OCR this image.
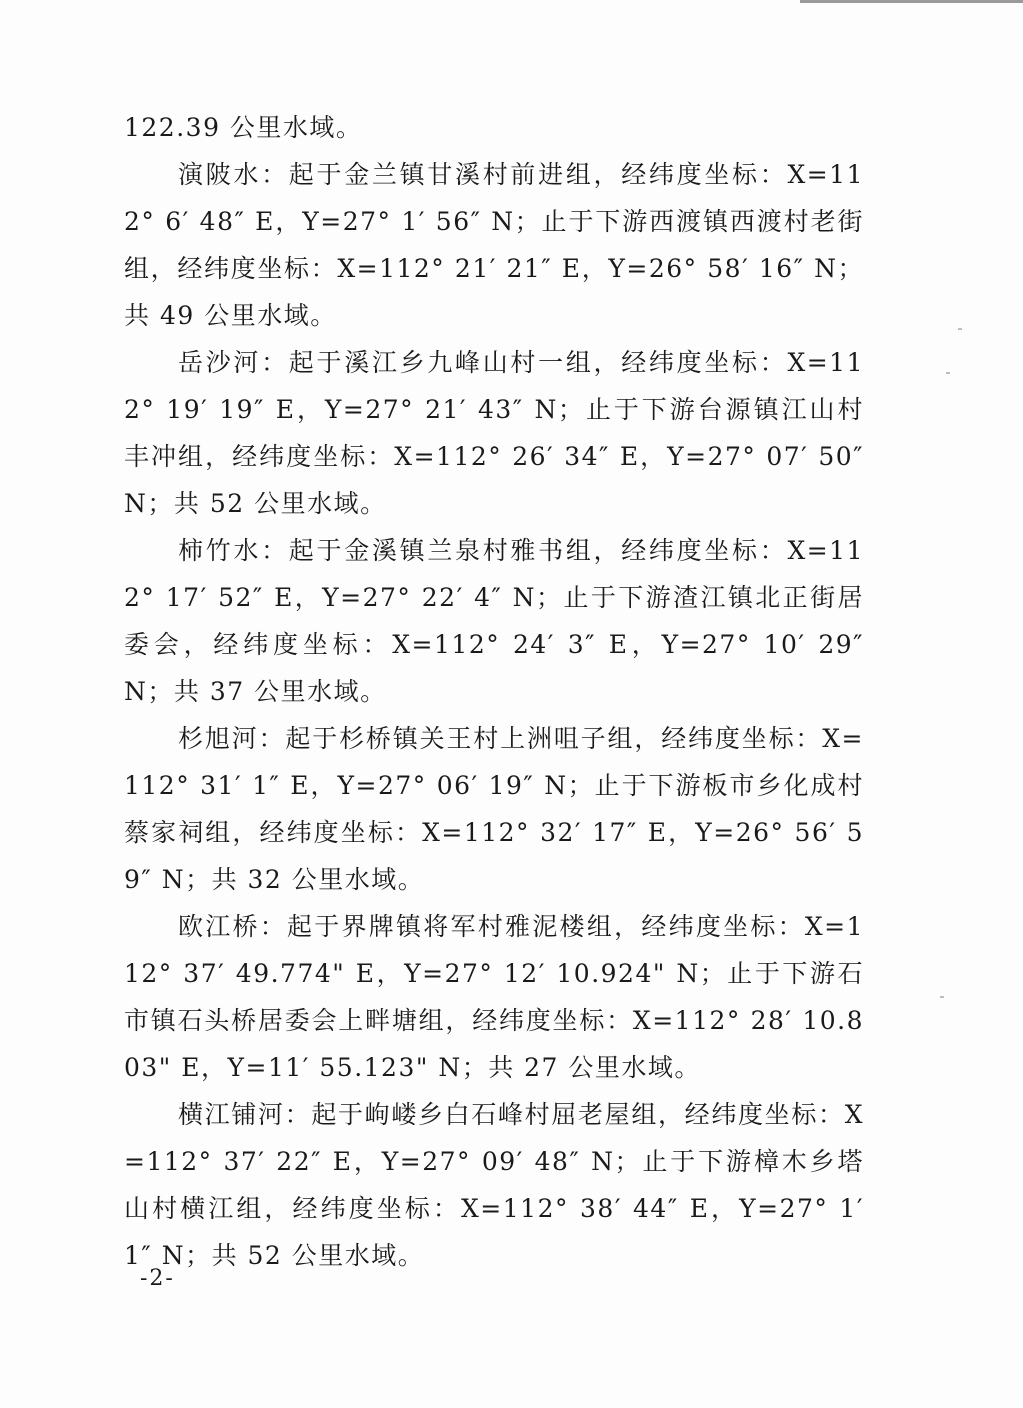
122.39 公里水域。

演陂水：起于金兰镇甘溪村前进组，经纬度坐标：X=112° 6′ 48″ E，Y=27° 1′ 56″ N；止于下游西渡镇西渡村老街组，经纬度坐标：X=112° 21′ 21″ E，Y=26° 58′ 16″ N；共 49 公里水域。

岳沙河：起于溪江乡九峰山村一组，经纬度坐标：X=112° 19′ 19″ E，Y=27° 21′ 43″ N；止于下游台源镇江山村丰冲组，经纬度坐标：X=112° 26′ 34″ E，Y=27° 07′ 50″ N；共 52 公里水域。

柿竹水：起于金溪镇兰泉村雅书组，经纬度坐标：X=112° 17′ 52″ E，Y=27° 22′ 4″ N；止于下游渣江镇北正街居委会，经纬度坐标：X=112° 24′ 3″ E，Y=27° 10′ 29″ N；共 37 公里水域。

杉旭河：起于杉桥镇关王村上洲咀子组，经纬度坐标：X=112° 31′ 1″ E，Y=27° 06′ 19″ N；止于下游板市乡化成村蔡家祠组，经纬度坐标：X=112° 32′ 17″ E，Y=26° 56′ 59″ N；共 32 公里水域。

欧江桥：起于界牌镇将军村雅泥楼组，经纬度坐标：X=112° 37′ 49.774" E，Y=27° 12′ 10.924" N；止于下游石市镇石头桥居委会上畔塘组，经纬度坐标：X=112° 28′ 10.803" E，Y=11′ 55.123" N；共 27 公里水域。

横江铺河：起于岣嵝乡白石峰村屈老屋组，经纬度坐标：X=112° 37′ 22″ E，Y=27° 09′ 48″ N；止于下游樟木乡塔山村横江组，经纬度坐标：X=112° 38′ 44″ E，Y=27° 1′ 1″ N；共 52 公里水域。

-2-
